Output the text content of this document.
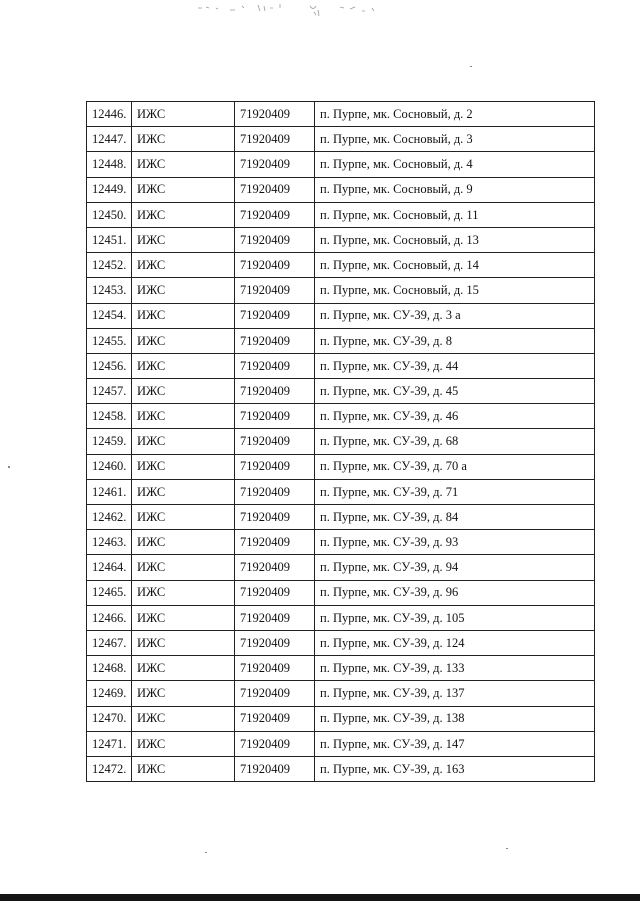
12446.	ИЖС	71920409	п. Пурпе, мк. Сосновый, д. 2
12447.	ИЖС	71920409	п. Пурпе, мк. Сосновый, д. 3
12448.	ИЖС	71920409	п. Пурпе, мк. Сосновый, д. 4
12449.	ИЖС	71920409	п. Пурпе, мк. Сосновый, д. 9
12450.	ИЖС	71920409	п. Пурпе, мк. Сосновый, д. 11
12451.	ИЖС	71920409	п. Пурпе, мк. Сосновый, д. 13
12452.	ИЖС	71920409	п. Пурпе, мк. Сосновый, д. 14
12453.	ИЖС	71920409	п. Пурпе, мк. Сосновый, д. 15
12454.	ИЖС	71920409	п. Пурпе, мк. СУ-39, д. 3 а
12455.	ИЖС	71920409	п. Пурпе, мк. СУ-39, д. 8
12456.	ИЖС	71920409	п. Пурпе, мк. СУ-39, д. 44
12457.	ИЖС	71920409	п. Пурпе, мк. СУ-39, д. 45
12458.	ИЖС	71920409	п. Пурпе, мк. СУ-39, д. 46
12459.	ИЖС	71920409	п. Пурпе, мк. СУ-39, д. 68
12460.	ИЖС	71920409	п. Пурпе, мк. СУ-39, д. 70 а
12461.	ИЖС	71920409	п. Пурпе, мк. СУ-39, д. 71
12462.	ИЖС	71920409	п. Пурпе, мк. СУ-39, д. 84
12463.	ИЖС	71920409	п. Пурпе, мк. СУ-39, д. 93
12464.	ИЖС	71920409	п. Пурпе, мк. СУ-39, д. 94
12465.	ИЖС	71920409	п. Пурпе, мк. СУ-39, д. 96
12466.	ИЖС	71920409	п. Пурпе, мк. СУ-39, д. 105
12467.	ИЖС	71920409	п. Пурпе, мк. СУ-39, д. 124
12468.	ИЖС	71920409	п. Пурпе, мк. СУ-39, д. 133
12469.	ИЖС	71920409	п. Пурпе, мк. СУ-39, д. 137
12470.	ИЖС	71920409	п. Пурпе, мк. СУ-39, д. 138
12471.	ИЖС	71920409	п. Пурпе, мк. СУ-39, д. 147
12472.	ИЖС	71920409	п. Пурпе, мк. СУ-39, д. 163
